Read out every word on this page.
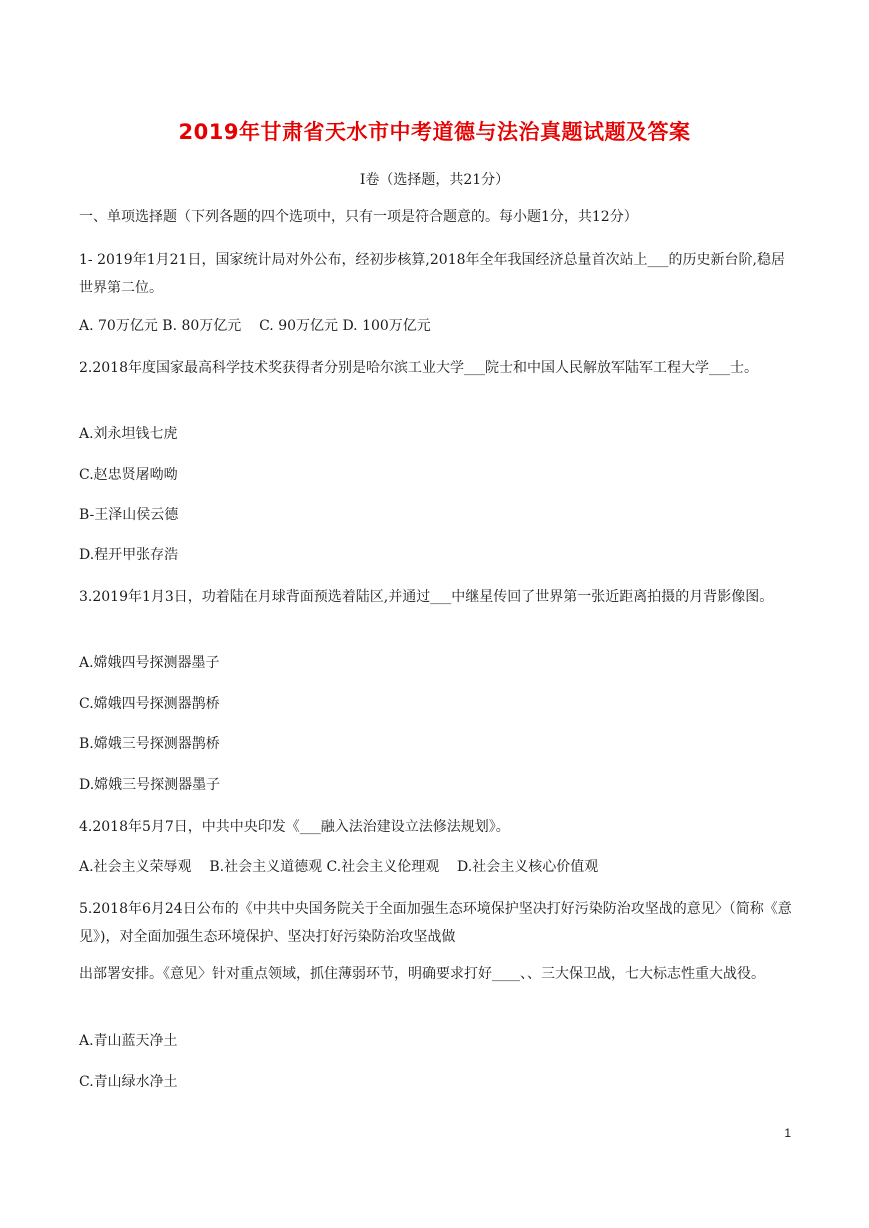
2019年甘肃省天水市中考道德与法治真题试题及答案
I卷（选择题，共21分）
一、单项选择题（下列各题的四个选项中，只有一项是符合题意的。每小题1分，共12分）
1- 2019年1月21日，国家统计局对外公布，经初步核算,2018年全年我国经济总量首次站上___的历史新台阶,稳居世界第二位。
A. 70万亿元 B. 80万亿元    C. 90万亿元 D. 100万亿元
2.2018年度国家最高科学技术奖获得者分别是哈尔滨工业大学___院士和中国人民解放军陆军工程大学___士。
A.刘永坦钱七虎
C.赵忠贤屠呦呦
B-王泽山侯云德
D.程开甲张存浩
3.2019年1月3日，功着陆在月球背面预选着陆区,并通过___中继星传回了世界第一张近距离拍摄的月背影像图。
A.嫦娥四号探测器墨子
C.嫦娥四号探测器鹊桥
B.嫦娥三号探测器鹊桥
D.嫦娥三号探测器墨子
4.2018年5月7日，中共中央印发《___融入法治建设立法修法规划》。
A.社会主义荣辱观    B.社会主义道德观 C.社会主义伦理观    D.社会主义核心价值观
5.2018年6月24日公布的《中共中央国务院关于全面加强生态环境保护坚决打好污染防治攻坚战的意见〉（简称《意见》)，对全面加强生态环境保护、坚决打好污染防治攻坚战做
出部署安排。《意见〉针对重点领域，抓住薄弱环节，明确要求打好____、、三大保卫战，七大标志性重大战役。
A.青山蓝天净土
C.青山绿水净土
1
